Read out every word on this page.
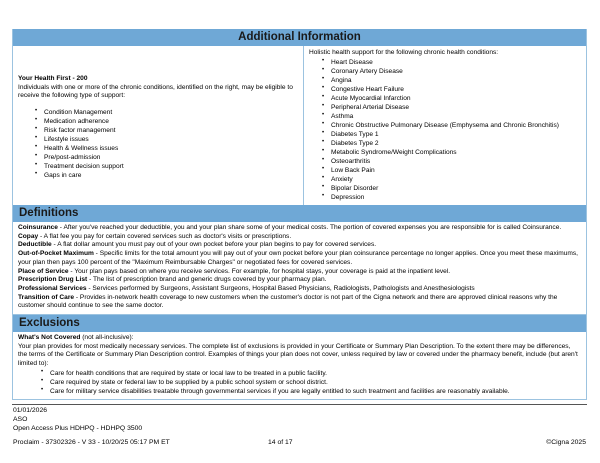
Additional Information

Your Health First - 200

Individuals with one or more of the chronic conditions, identified on the right, may be eligible to receive the following type of support:

• Condition Management
• Medication adherence
• Risk factor management
• Lifestyle issues
• Health & Wellness issues
• Pre/post-admission
• Treatment decision support
• Gaps in care

Holistic health support for the following chronic health conditions:

• Heart Disease
• Coronary Artery Disease
• Angina
• Congestive Heart Failure
• Acute Myocardial Infarction
• Peripheral Arterial Disease
• Asthma
• Chronic Obstructive Pulmonary Disease (Emphysema and Chronic Bronchitis)
• Diabetes Type 1
• Diabetes Type 2
• Metabolic Syndrome/Weight Complications
• Osteoarthritis
• Low Back Pain
• Anxiety
• Bipolar Disorder
• Depression
Definitions

Coinsurance - After you've reached your deductible, you and your plan share some of your medical costs. The portion of covered expenses you are responsible for is called Coinsurance.

Copay - A flat fee you pay for certain covered services such as doctor's visits or prescriptions.

Deductible - A flat dollar amount you must pay out of your own pocket before your plan begins to pay for covered services.

Out-of-Pocket Maximum - Specific limits for the total amount you will pay out of your own pocket before your plan coinsurance percentage no longer applies. Once you meet these maximums, your plan then pays 100 percent of the "Maximum Reimbursable Charges" or negotiated fees for covered services.

Place of Service - Your plan pays based on where you receive services. For example, for hospital stays, your coverage is paid at the inpatient level.

Prescription Drug List - The list of prescription brand and generic drugs covered by your pharmacy plan.

Professional Services - Services performed by Surgeons, Assistant Surgeons, Hospital Based Physicians, Radiologists, Pathologists and Anesthesiologists

Transition of Care - Provides in-network health coverage to new customers when the customer's doctor is not part of the Cigna network and there are approved clinical reasons why the customer should continue to see the same doctor.

Exclusions

What's Not Covered (not all-inclusive):

Your plan provides for most medically necessary services. The complete list of exclusions is provided in your Certificate or Summary Plan Description. To the extent there may be differences, the terms of the Certificate or Summary Plan Description control. Examples of things your plan does not cover, unless required by law or covered under the pharmacy benefit, include (but aren't limited to):

• Care for health conditions that are required by state or local law to be treated in a public facility.
• Care required by state or federal law to be supplied by a public school system or school district.
• Care for military service disabilities treatable through governmental services if you are legally entitled to such treatment and facilities are reasonably available.
01/01/2026
ASO
Open Access Plus HDHPQ - HDHPQ 3500
Proclaim - 37302326 - V 33 - 10/20/25 05:17 PM ET	14 of 17	©Cigna 2025
